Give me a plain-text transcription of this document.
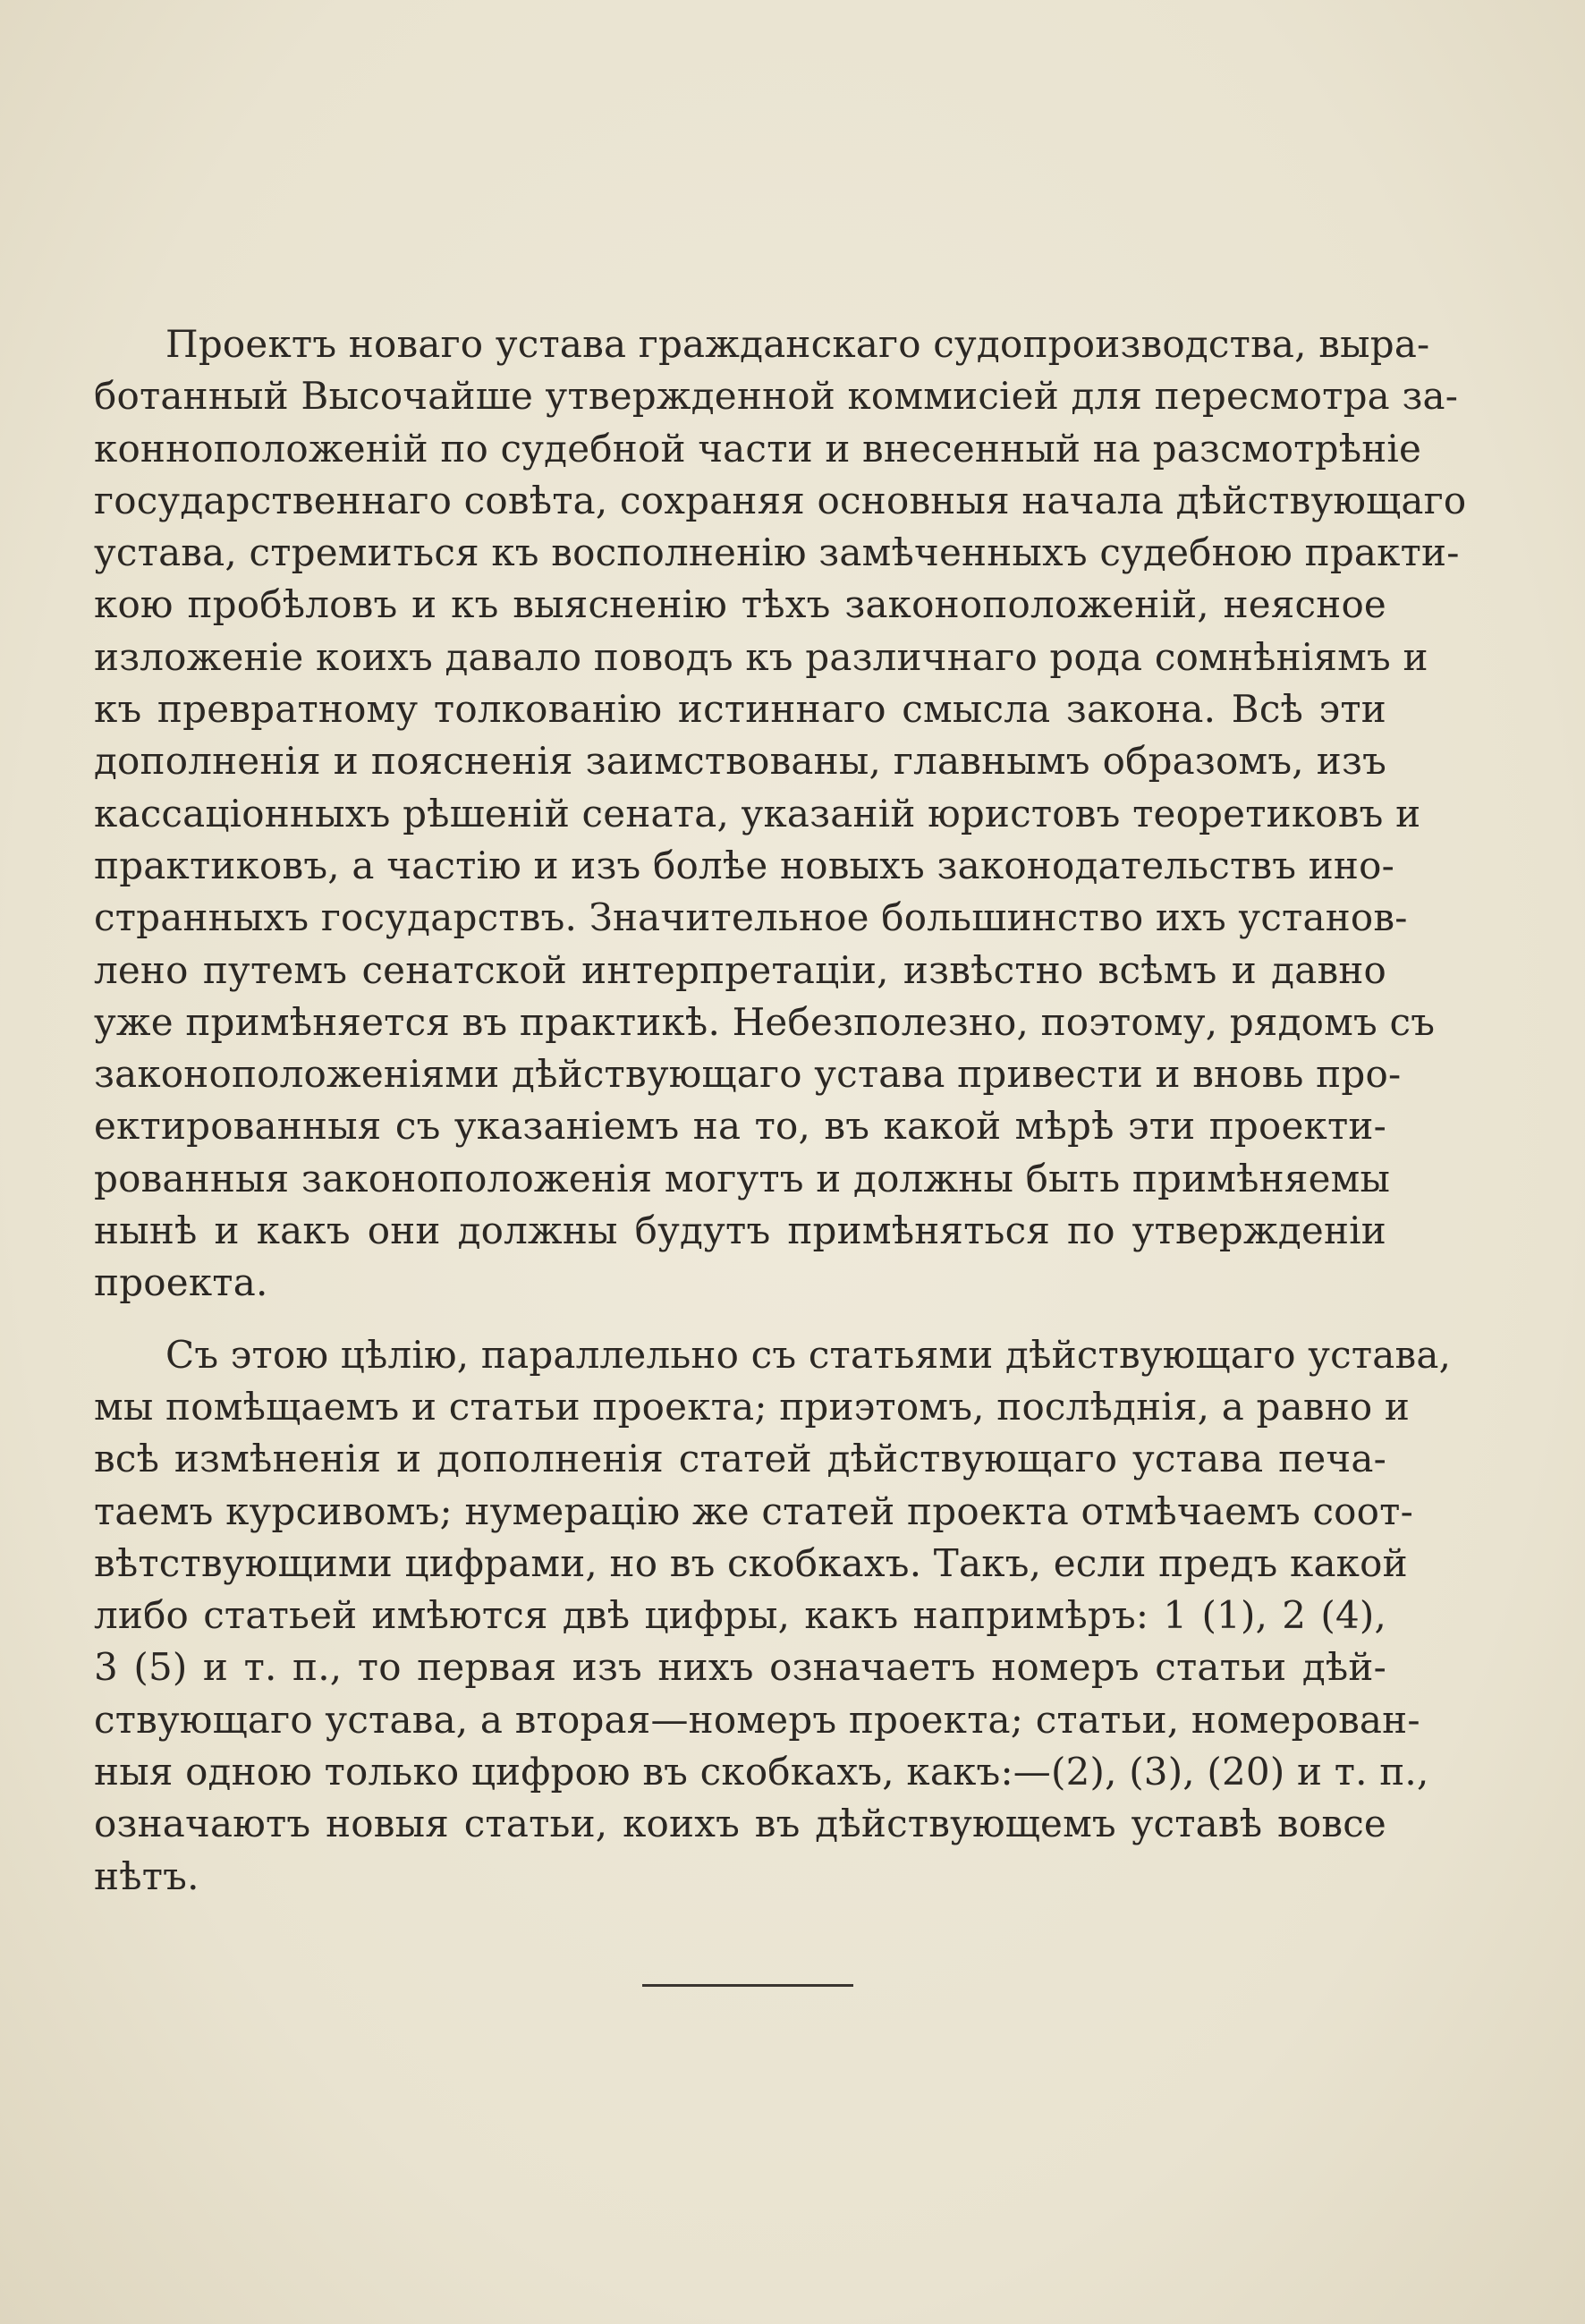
Проектъ новаго устава гражданскаго судопроизводства, выра-
ботанный Высочайше утвержденной коммисiей для пересмотра за-
конноположенiй по судебной части и внесенный на разсмотрѣнiе
государственнаго совѣта, сохраняя основныя начала дѣйствующаго
устава, стремиться къ восполненiю замѣченныхъ судебною практи-
кою пробѣловъ и къ выясненiю тѣхъ законоположенiй, неясное
изложенiе коихъ давало поводъ къ различнаго рода сомнѣнiямъ и
къ превратному толкованiю истиннаго смысла закона. Всѣ эти
дополненiя и поясненiя заимствованы, главнымъ образомъ, изъ
кассацiонныхъ рѣшенiй сената, указанiй юристовъ теоретиковъ и
практиковъ, а частiю и изъ болѣе новыхъ законодательствъ ино-
странныхъ государствъ. Значительное большинство ихъ установ-
лено путемъ сенатской интерпретацiи, извѣстно всѣмъ и давно
уже примѣняется въ практикѣ. Небезполезно, поэтому, рядомъ съ
законоположенiями дѣйствующаго устава привести и вновь про-
ектированныя съ указанiемъ на то, въ какой мѣрѣ эти проекти-
рованныя законоположенiя могутъ и должны быть примѣняемы
нынѣ и какъ они должны будутъ примѣняться по утвержденiи
проекта.
Съ этою цѣлiю, параллельно съ статьями дѣйствующаго устава,
мы помѣщаемъ и статьи проекта; приэтомъ, послѣднiя, а равно и
всѣ измѣненiя и дополненiя статей дѣйствующаго устава печа-
таемъ курсивомъ; нумерацiю же статей проекта отмѣчаемъ соот-
вѣтствующими цифрами, но въ скобкахъ. Такъ, если предъ какой
либо статьей имѣются двѣ цифры, какъ напримѣръ: 1 (1), 2 (4),
3 (5) и т. п., то первая изъ нихъ означаетъ номеръ статьи дѣй-
ствующаго устава, а вторая—номеръ проекта; статьи, номерован-
ныя одною только цифрою въ скобкахъ, какъ:—(2), (3), (20) и т. п.,
означаютъ новыя статьи, коихъ въ дѣйствующемъ уставѣ вовсе
нѣтъ.
